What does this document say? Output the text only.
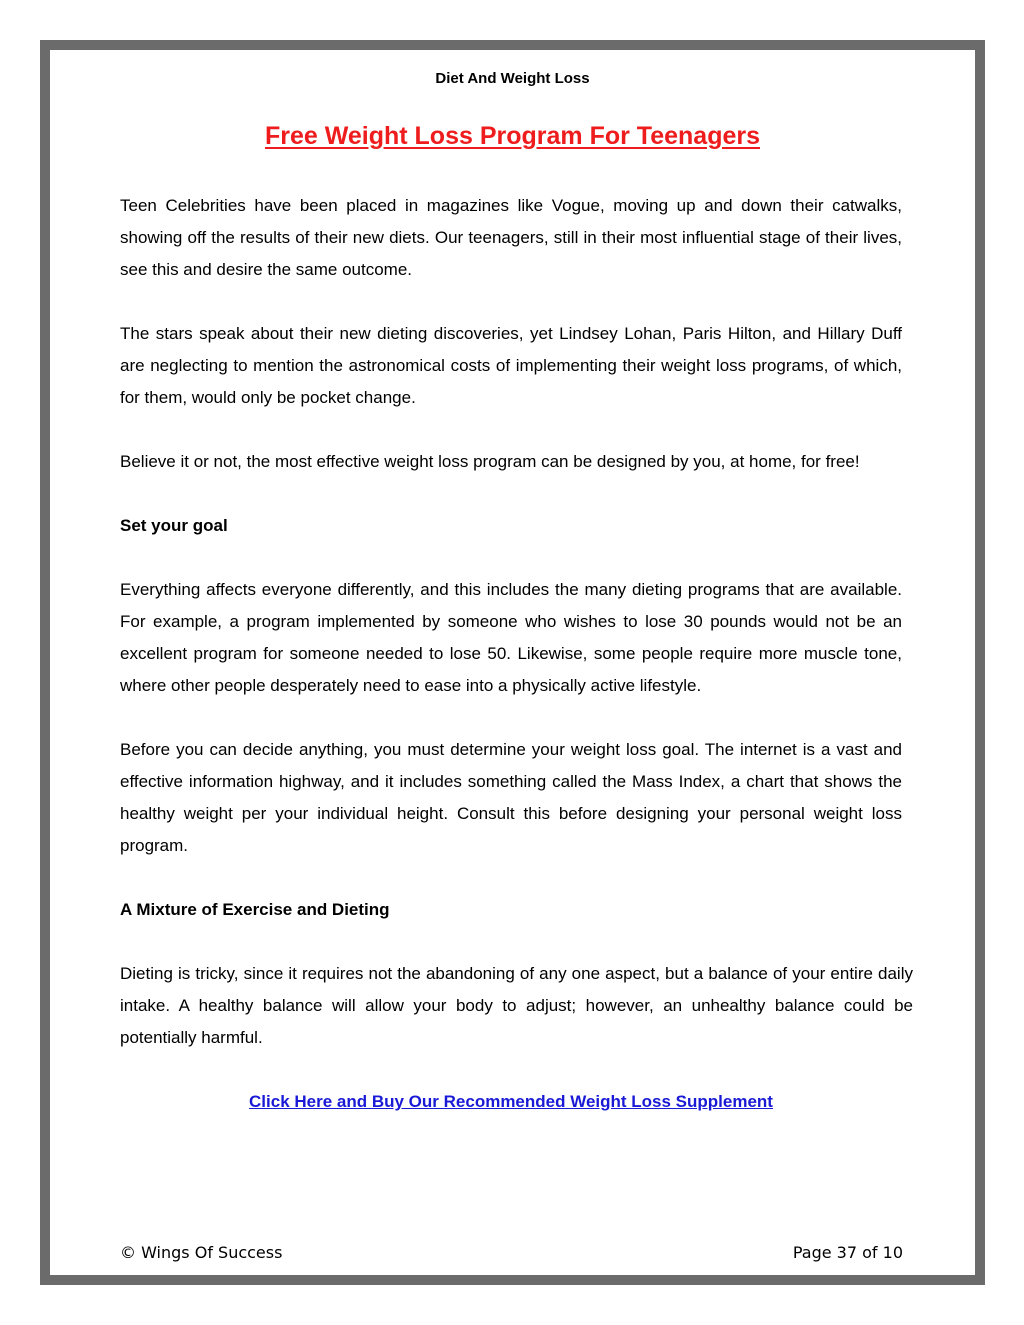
Diet And Weight Loss
Free Weight Loss Program For Teenagers

Teen Celebrities have been placed in magazines like Vogue, moving up and down their catwalks, showing off the results of their new diets. Our teenagers, still in their most influential stage of their lives, see this and desire the same outcome.

The stars speak about their new dieting discoveries, yet Lindsey Lohan, Paris Hilton, and Hillary Duff are neglecting to mention the astronomical costs of implementing their weight loss programs, of which, for them, would only be pocket change.

Believe it or not, the most effective weight loss program can be designed by you, at home, for free!

Set your goal

Everything affects everyone differently, and this includes the many dieting programs that are available. For example, a program implemented by someone who wishes to lose 30 pounds would not be an excellent program for someone needed to lose 50. Likewise, some people require more muscle tone, where other people desperately need to ease into a physically active lifestyle.

Before you can decide anything, you must determine your weight loss goal. The internet is a vast and effective information highway, and it includes something called the Mass Index, a chart that shows the healthy weight per your individual height. Consult this before designing your personal weight loss program.

A Mixture of Exercise and Dieting

Dieting is tricky, since it requires not the abandoning of any one aspect, but a balance of your entire daily intake. A healthy balance will allow your body to adjust; however, an unhealthy balance could be potentially harmful.

Click Here and Buy Our Recommended Weight Loss Supplement
© Wings Of Success	Page 37 of 10
